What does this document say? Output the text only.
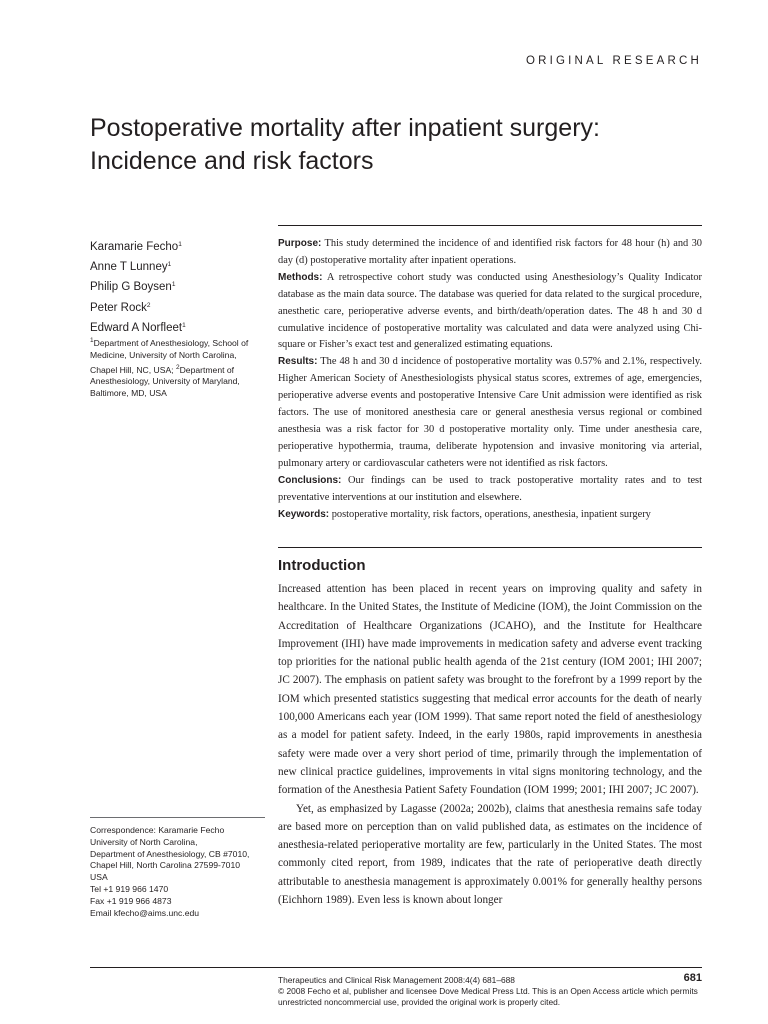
ORIGINAL RESEARCH
Postoperative mortality after inpatient surgery:
Incidence and risk factors
Karamarie Fecho$^1$
Anne T Lunney$^1$
Philip G Boysen$^1$
Peter Rock$^2$
Edward A Norfleet$^1$
$^1$Department of Anesthesiology, School of Medicine, University of North Carolina, Chapel Hill, NC, USA; $^2$Department of Anesthesiology, University of Maryland, Baltimore, MD, USA

Purpose: This study determined the incidence of and identified risk factors for 48 hour (h) and 30 day (d) postoperative mortality after inpatient operations.

Methods: A retrospective cohort study was conducted using Anesthesiology’s Quality Indicator database as the main data source. The database was queried for data related to the surgical procedure, anesthetic care, perioperative adverse events, and birth/death/operation dates. The 48 h and 30 d cumulative incidence of postoperative mortality was calculated and data were analyzed using Chi-square or Fisher’s exact test and generalized estimating equations.

Results: The 48 h and 30 d incidence of postoperative mortality was 0.57% and 2.1%, respectively. Higher American Society of Anesthesiologists physical status scores, extremes of age, emergencies, perioperative adverse events and postoperative Intensive Care Unit admission were identified as risk factors. The use of monitored anesthesia care or general anesthesia versus regional or combined anesthesia was a risk factor for 30 d postoperative mortality only. Time under anesthesia care, perioperative hypothermia, trauma, deliberate hypotension and invasive monitoring via arterial, pulmonary artery or cardiovascular catheters were not identified as risk factors.

Conclusions: Our findings can be used to track postoperative mortality rates and to test preventative interventions at our institution and elsewhere.

Keywords: postoperative mortality, risk factors, operations, anesthesia, inpatient surgery

Introduction

Increased attention has been placed in recent years on improving quality and safety in healthcare. In the United States, the Institute of Medicine (IOM), the Joint Commission on the Accreditation of Healthcare Organizations (JCAHO), and the Institute for Healthcare Improvement (IHI) have made improvements in medication safety and adverse event tracking top priorities for the national public health agenda of the 21st century (IOM 2001; IHI 2007; JC 2007). The emphasis on patient safety was brought to the forefront by a 1999 report by the IOM which presented statistics suggesting that medical error accounts for the death of nearly 100,000 Americans each year (IOM 1999). That same report noted the field of anesthesiology as a model for patient safety. Indeed, in the early 1980s, rapid improvements in anesthesia safety were made over a very short period of time, primarily through the implementation of new clinical practice guidelines, improvements in vital signs monitoring technology, and the formation of the Anesthesia Patient Safety Foundation (IOM 1999; 2001; IHI 2007; JC 2007).

Yet, as emphasized by Lagasse (2002a; 2002b), claims that anesthesia remains safe today are based more on perception than on valid published data, as estimates on the incidence of anesthesia-related perioperative mortality are few, particularly in the United States. The most commonly cited report, from 1989, indicates that the rate of perioperative death directly attributable to anesthesia management is approximately 0.001% for generally healthy persons (Eichhorn 1989). Even less is known about longer

Correspondence: Karamarie Fecho
University of North Carolina,
Department of Anesthesiology, CB #7010,
Chapel Hill, North Carolina 27599-7010
USA
Tel +1 919 966 1470
Fax +1 919 966 4873
Email kfecho@aims.unc.edu
Therapeutics and Clinical Risk Management 2008:4(4) 681–688
© 2008 Fecho et al, publisher and licensee Dove Medical Press Ltd. This is an Open Access article which permits unrestricted noncommercial use, provided the original work is properly cited.
681
